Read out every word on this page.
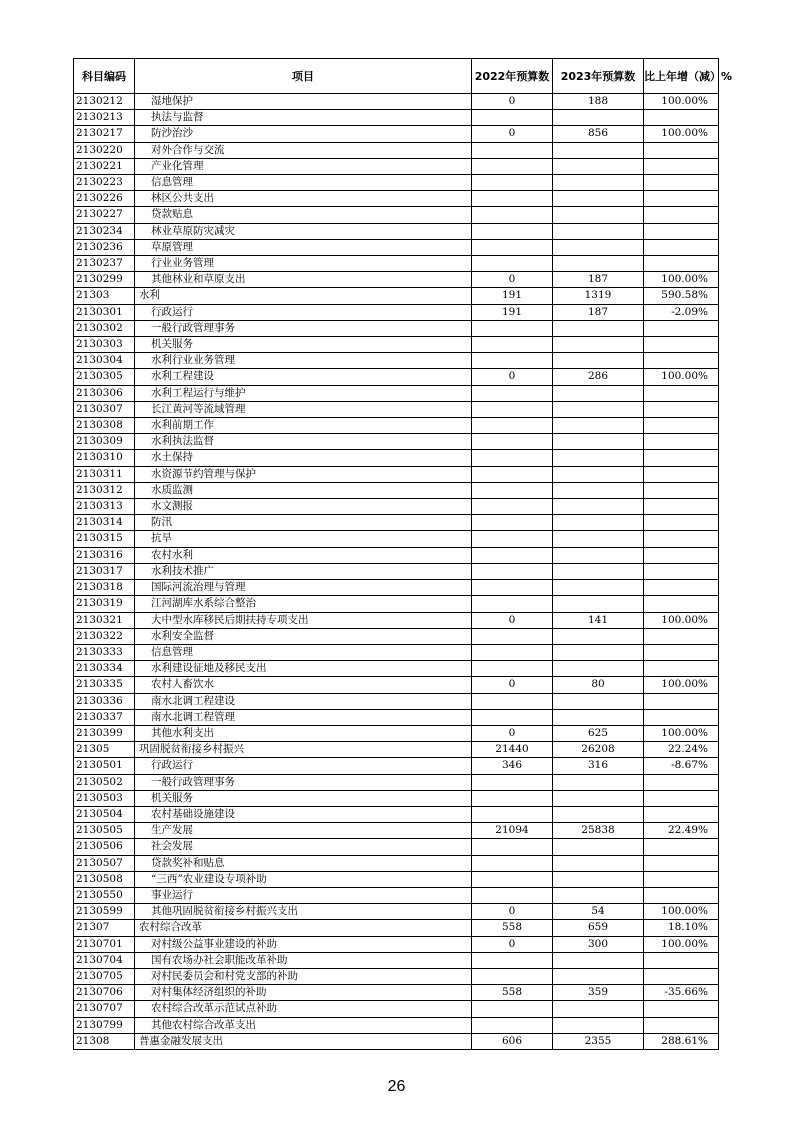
科目编码	项目	2022年预算数	2023年预算数	比上年增（减）%
2130212	湿地保护	0	188	100.00%
2130213	执法与监督			
2130217	防沙治沙	0	856	100.00%
2130220	对外合作与交流			
2130221	产业化管理			
2130223	信息管理			
2130226	林区公共支出			
2130227	贷款贴息			
2130234	林业草原防灾减灾			
2130236	草原管理			
2130237	行业业务管理			
2130299	其他林业和草原支出	0	187	100.00%
21303	水利	191	1319	590.58%
2130301	行政运行	191	187	-2.09%
2130302	一般行政管理事务			
2130303	机关服务			
2130304	水利行业业务管理			
2130305	水利工程建设	0	286	100.00%
2130306	水利工程运行与维护			
2130307	长江黄河等流域管理			
2130308	水利前期工作			
2130309	水利执法监督			
2130310	水土保持			
2130311	水资源节约管理与保护			
2130312	水质监测			
2130313	水文测报			
2130314	防汛			
2130315	抗旱			
2130316	农村水利			
2130317	水利技术推广			
2130318	国际河流治理与管理			
2130319	江河湖库水系综合整治			
2130321	大中型水库移民后期扶持专项支出	0	141	100.00%
2130322	水利安全监督			
2130333	信息管理			
2130334	水利建设征地及移民支出			
2130335	农村人畜饮水	0	80	100.00%
2130336	南水北调工程建设			
2130337	南水北调工程管理			
2130399	其他水利支出	0	625	100.00%
21305	巩固脱贫衔接乡村振兴	21440	26208	22.24%
2130501	行政运行	346	316	-8.67%
2130502	一般行政管理事务			
2130503	机关服务			
2130504	农村基础设施建设			
2130505	生产发展	21094	25838	22.49%
2130506	社会发展			
2130507	贷款奖补和贴息			
2130508	“三西”农业建设专项补助			
2130550	事业运行			
2130599	其他巩固脱贫衔接乡村振兴支出	0	54	100.00%
21307	农村综合改革	558	659	18.10%
2130701	对村级公益事业建设的补助	0	300	100.00%
2130704	国有农场办社会职能改革补助			
2130705	对村民委员会和村党支部的补助			
2130706	对村集体经济组织的补助	558	359	-35.66%
2130707	农村综合改革示范试点补助			
2130799	其他农村综合改革支出			
21308	普惠金融发展支出	606	2355	288.61%
26
